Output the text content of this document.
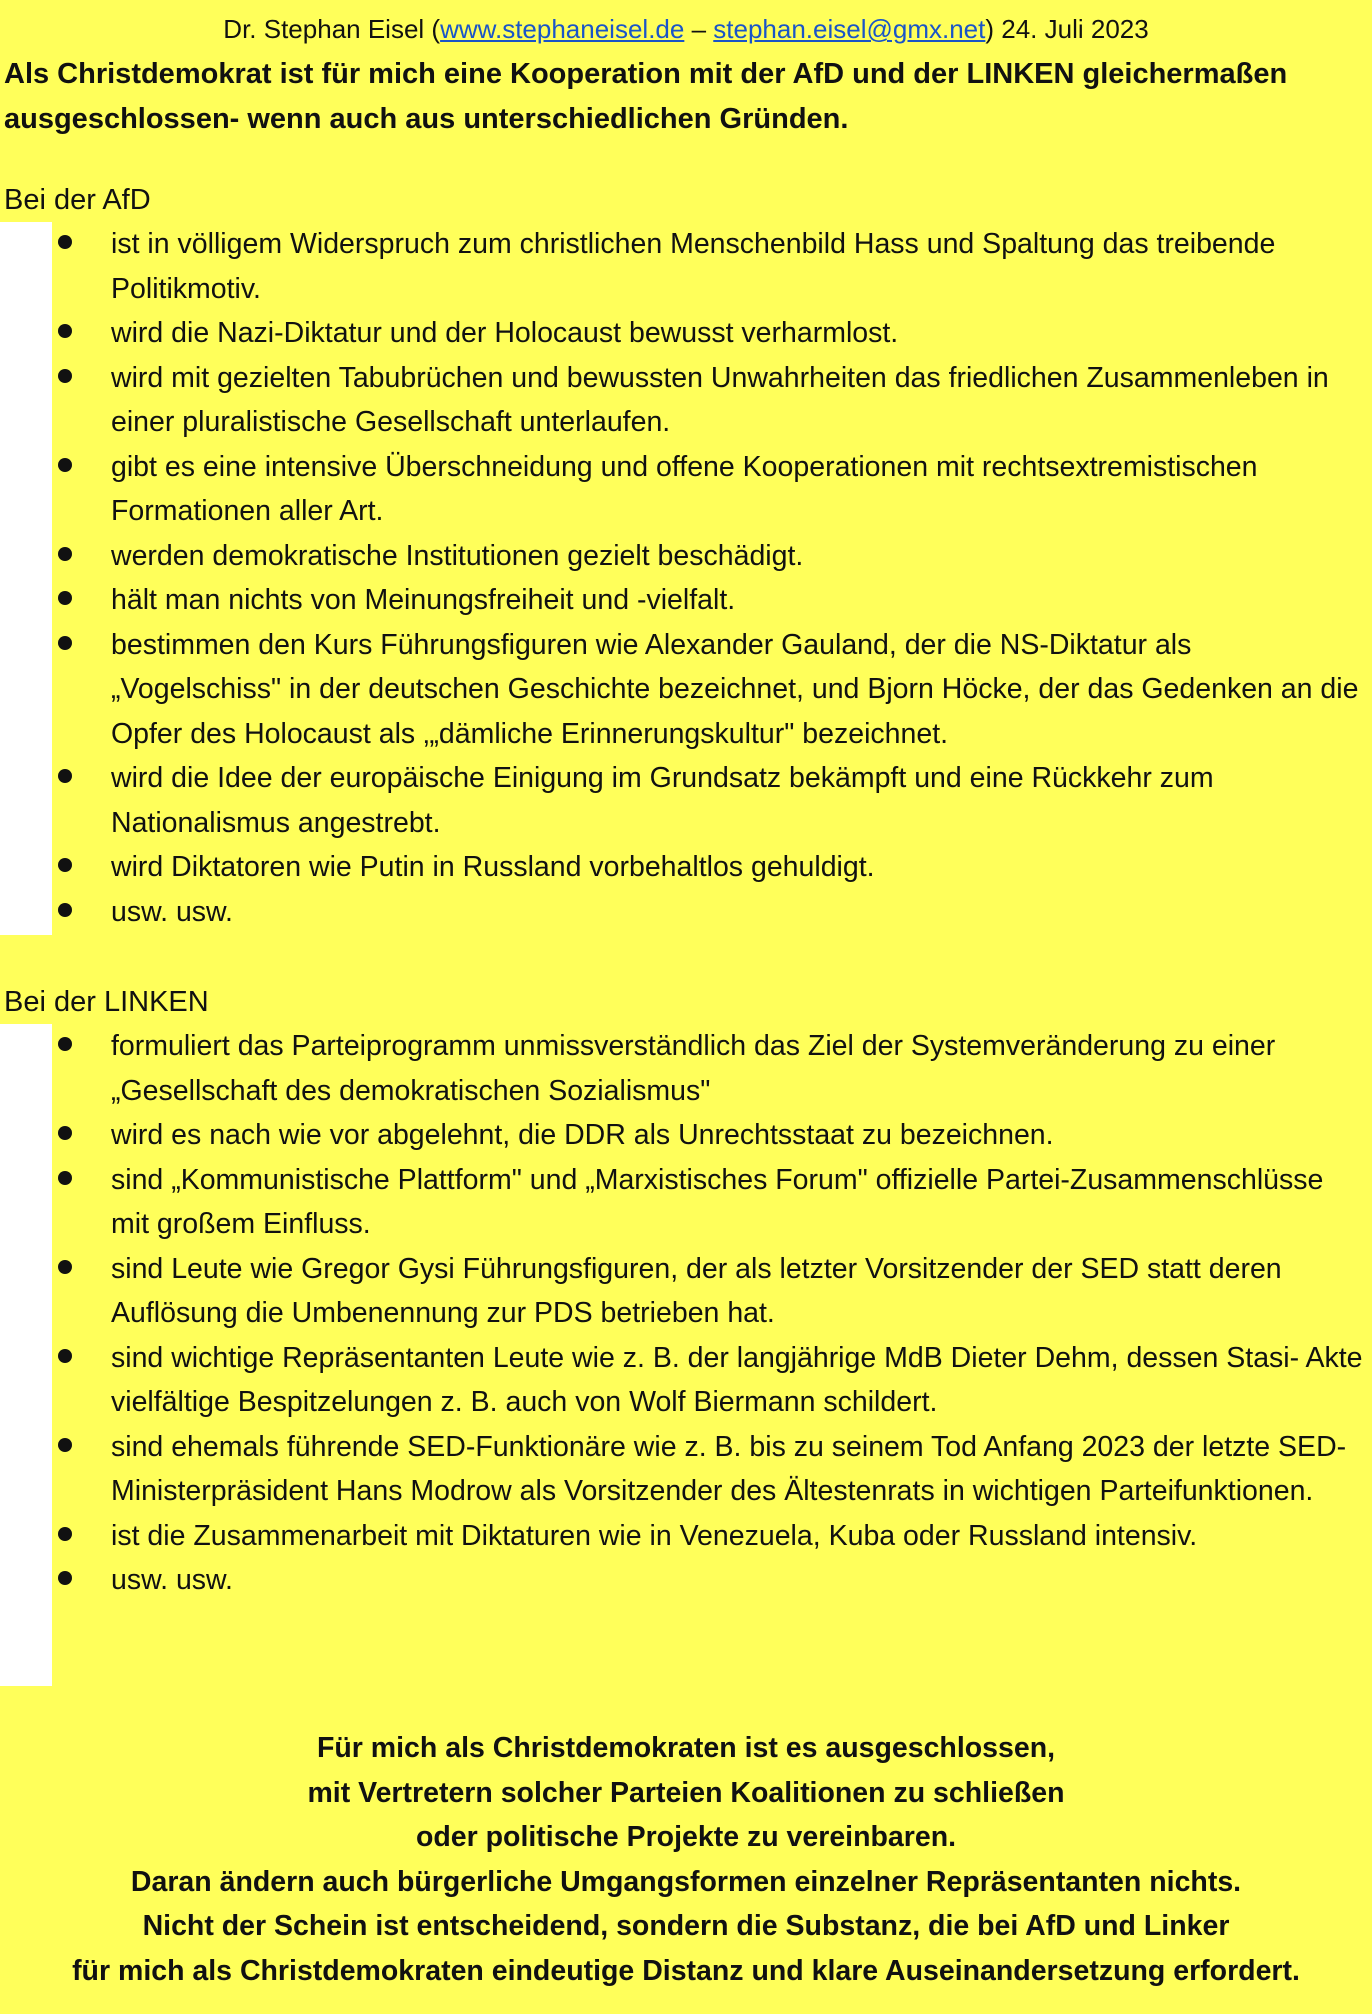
Dr. Stephan Eisel (www.stephaneisel.de – stephan.eisel@gmx.net) 24. Juli 2023
Als Christdemokrat ist für mich eine Kooperation mit der AfD und der LINKEN gleichermaßen ausgeschlossen- wenn auch aus unterschiedlichen Gründen.
Bei der AfD
ist in völligem Widerspruch zum christlichen Menschenbild Hass und Spaltung das treibende Politikmotiv.
wird die Nazi-Diktatur und der Holocaust bewusst verharmlost.
wird mit gezielten Tabubrüchen und bewussten Unwahrheiten das friedlichen Zusammenleben in einer pluralistische Gesellschaft unterlaufen.
gibt es eine intensive Überschneidung und offene Kooperationen mit rechtsextremistischen Formationen aller Art.
werden demokratische Institutionen gezielt beschädigt.
hält man nichts von Meinungsfreiheit und -vielfalt.
bestimmen den Kurs Führungsfiguren wie Alexander Gauland, der die NS-Diktatur als „Vogelschiss" in der deutschen Geschichte bezeichnet, und Bjorn Höcke, der das Gedenken an die Opfer des Holocaust als ‚„dämliche Erinnerungskultur" bezeichnet.
wird die Idee der europäische Einigung im Grundsatz bekämpft und eine Rückkehr zum Nationalismus angestrebt.
wird Diktatoren wie Putin in Russland vorbehaltlos gehuldigt.
usw. usw.
Bei der LINKEN
formuliert das Parteiprogramm unmissverständlich das Ziel der Systemveränderung zu einer „Gesellschaft des demokratischen Sozialismus"
wird es nach wie vor abgelehnt, die DDR als Unrechtsstaat zu bezeichnen.
sind „Kommunistische Plattform" und „Marxistisches Forum" offizielle Partei-Zusammenschlüsse mit großem Einfluss.
sind Leute wie Gregor Gysi Führungsfiguren, der als letzter Vorsitzender der SED statt deren Auflösung die Umbenennung zur PDS betrieben hat.
sind wichtige Repräsentanten Leute wie z. B. der langjährige MdB Dieter Dehm, dessen Stasi- Akte vielfältige Bespitzelungen z. B. auch von Wolf Biermann schildert.
sind ehemals führende SED-Funktionäre wie z. B. bis zu seinem Tod Anfang 2023 der letzte SED-Ministerpräsident Hans Modrow als Vorsitzender des Ältestenrats in wichtigen Parteifunktionen.
ist die Zusammenarbeit mit Diktaturen wie in Venezuela, Kuba oder Russland intensiv.
usw. usw.
Für mich als Christdemokraten ist es ausgeschlossen,
mit Vertretern solcher Parteien Koalitionen zu schließen
oder politische Projekte zu vereinbaren.
Daran ändern auch bürgerliche Umgangsformen einzelner Repräsentanten nichts.
Nicht der Schein ist entscheidend, sondern die Substanz, die bei AfD und Linker
für mich als Christdemokraten eindeutige Distanz und klare Auseinandersetzung erfordert.
